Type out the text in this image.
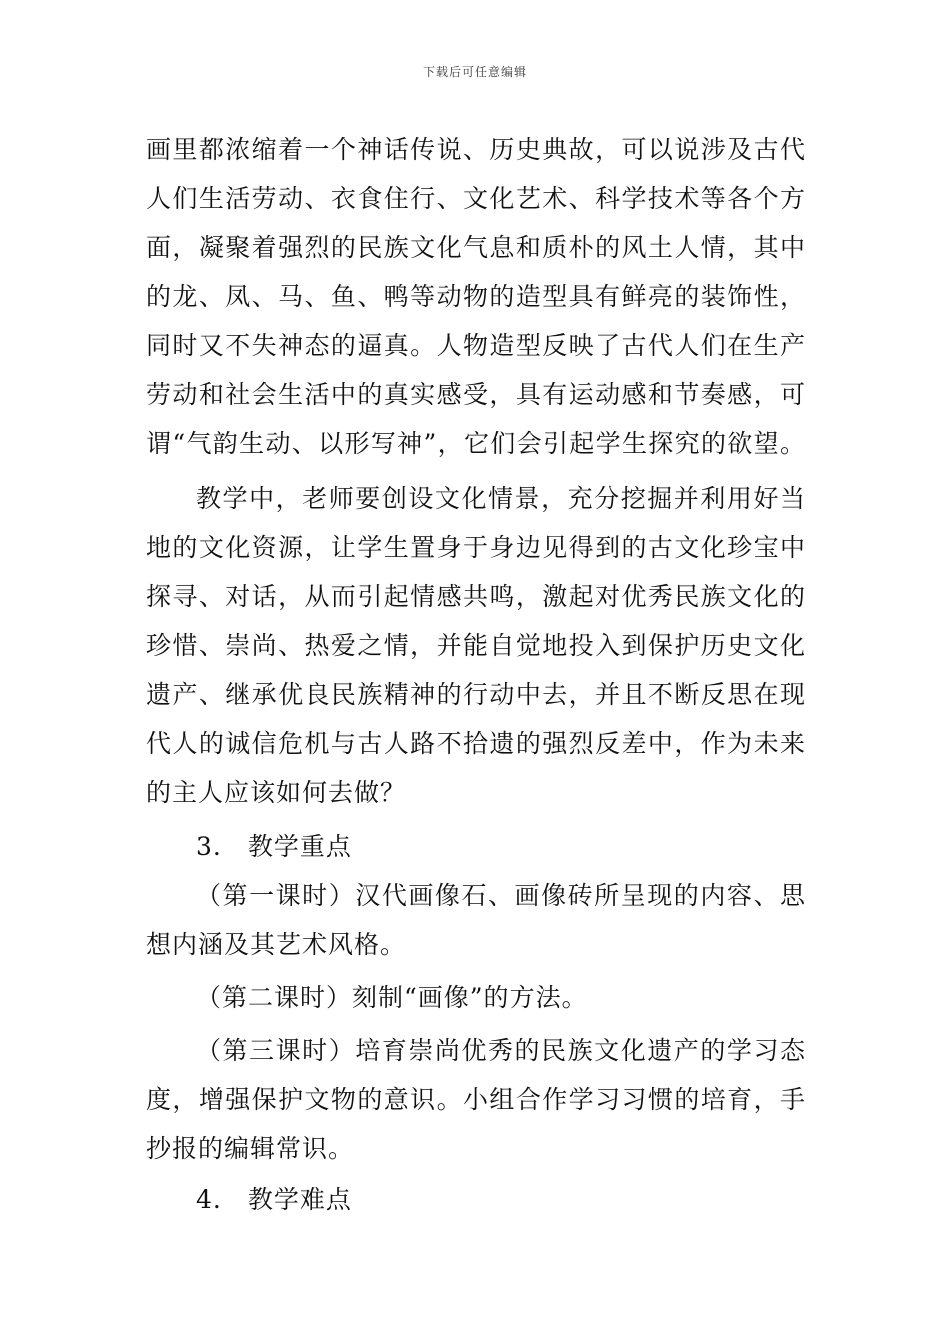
下载后可任意编辑
画里都浓缩着一个神话传说、历史典故，可以说涉及古代
人们生活劳动、衣食住行、文化艺术、科学技术等各个方
面，凝聚着强烈的民族文化气息和质朴的风土人情，其中
的龙、凤、马、鱼、鸭等动物的造型具有鲜亮的装饰性，
同时又不失神态的逼真。人物造型反映了古代人们在生产
劳动和社会生活中的真实感受，具有运动感和节奏感，可
谓“气韵生动、以形写神”，它们会引起学生探究的欲望。
教学中，老师要创设文化情景，充分挖掘并利用好当
地的文化资源，让学生置身于身边见得到的古文化珍宝中
探寻、对话，从而引起情感共鸣，激起对优秀民族文化的
珍惜、崇尚、热爱之情，并能自觉地投入到保护历史文化
遗产、继承优良民族精神的行动中去，并且不断反思在现
代人的诚信危机与古人路不拾遗的强烈反差中，作为未来
的主人应该如何去做？
3. 教学重点
（第一课时）汉代画像石、画像砖所呈现的内容、思
想内涵及其艺术风格。
（第二课时）刻制“画像”的方法。
（第三课时）培育崇尚优秀的民族文化遗产的学习态
度，增强保护文物的意识。小组合作学习习惯的培育，手
抄报的编辑常识。
4. 教学难点
